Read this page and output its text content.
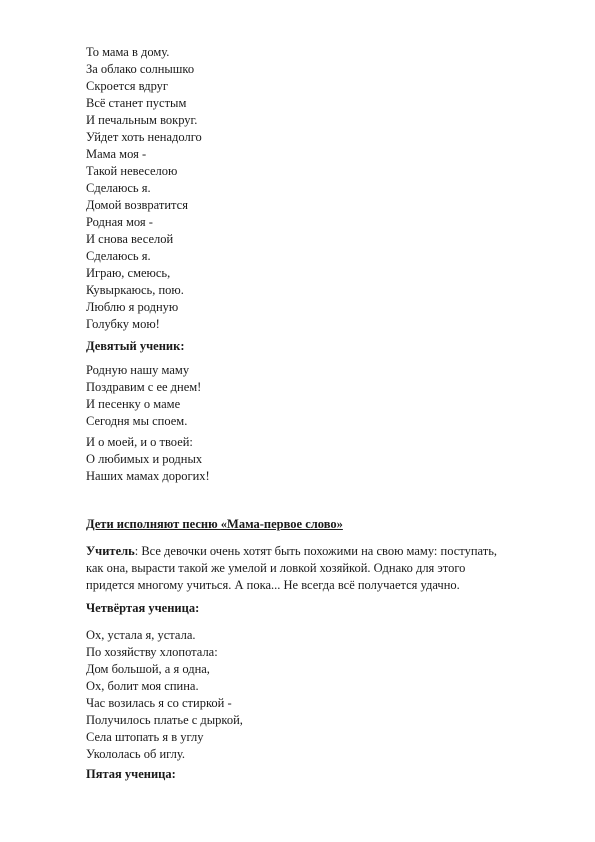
То мама в дому.
За облако солнышко
Скроется вдруг
Всё станет пустым
И печальным вокруг.
Уйдет хоть ненадолго
Мама моя -
Такой невеселою
Сделаюсь я.
Домой возвратится
Родная моя -
И снова веселой
Сделаюсь я.
Играю, смеюсь,
Кувыркаюсь, пою.
Люблю я родную
Голубку мою!
Девятый ученик:
Родную нашу маму
Поздравим с ее днем!
И песенку о маме
Сегодня мы споем.
И о моей, и о твоей:
О любимых и родных
Наших мамах дорогих!
Дети исполняют песню «Мама-первое слово»
Учитель: Все девочки очень хотят быть похожими на свою маму: поступать,
как она, вырасти такой же умелой и ловкой хозяйкой. Однако для этого
придется многому учиться. А пока... Не всегда всё получается удачно.
Четвёртая ученица:
Ох, устала я, устала.
По хозяйству хлопотала:
Дом большой, а я одна,
Ох, болит моя спина.
Час возилась я со стиркой -
Получилось платье с дыркой,
Села штопать я в углу
Укололась об иглу.
Пятая ученица:
